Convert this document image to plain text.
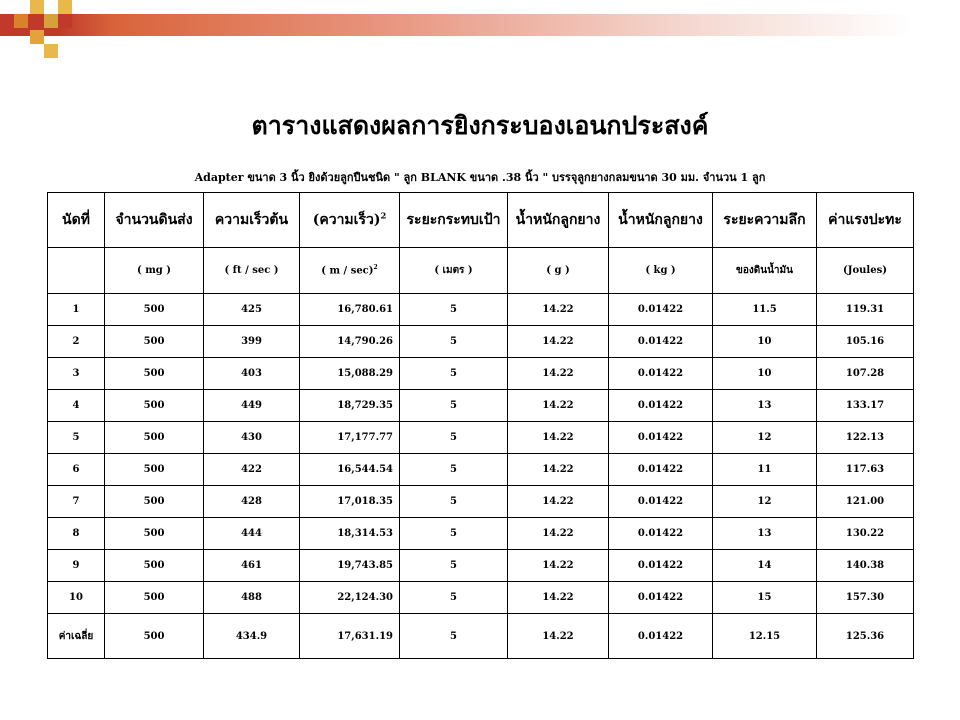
ตารางแสดงผลการยิงกระบองเอนกประสงค์
Adapter ขนาด 3 นิ้ว ยิงด้วยลูกปืนชนิด " ลูก BLANK ขนาด .38 นิ้ว " บรรจุลูกยางกลมขนาด 30 มม. จำนวน 1 ลูก
นัดที่	จำนวนดินส่ง	ความเร็วต้น	(ความเร็ว)$^2$	ระยะกระทบเป้า	น้ำหนักลูกยาง	น้ำหนักลูกยาง	ระยะความลึก	ค่าแรงปะทะ
	( mg )	( ft / sec )	( m / sec)$^2$	( เมตร )	( g )	( kg )	ของดินน้ำมัน	(Joules)
1	500	425	16,780.61	5	14.22	0.01422	11.5	119.31
2	500	399	14,790.26	5	14.22	0.01422	10	105.16
3	500	403	15,088.29	5	14.22	0.01422	10	107.28
4	500	449	18,729.35	5	14.22	0.01422	13	133.17
5	500	430	17,177.77	5	14.22	0.01422	12	122.13
6	500	422	16,544.54	5	14.22	0.01422	11	117.63
7	500	428	17,018.35	5	14.22	0.01422	12	121.00
8	500	444	18,314.53	5	14.22	0.01422	13	130.22
9	500	461	19,743.85	5	14.22	0.01422	14	140.38
10	500	488	22,124.30	5	14.22	0.01422	15	157.30
ค่าเฉลี่ย	500	434.9	17,631.19	5	14.22	0.01422	12.15	125.36
